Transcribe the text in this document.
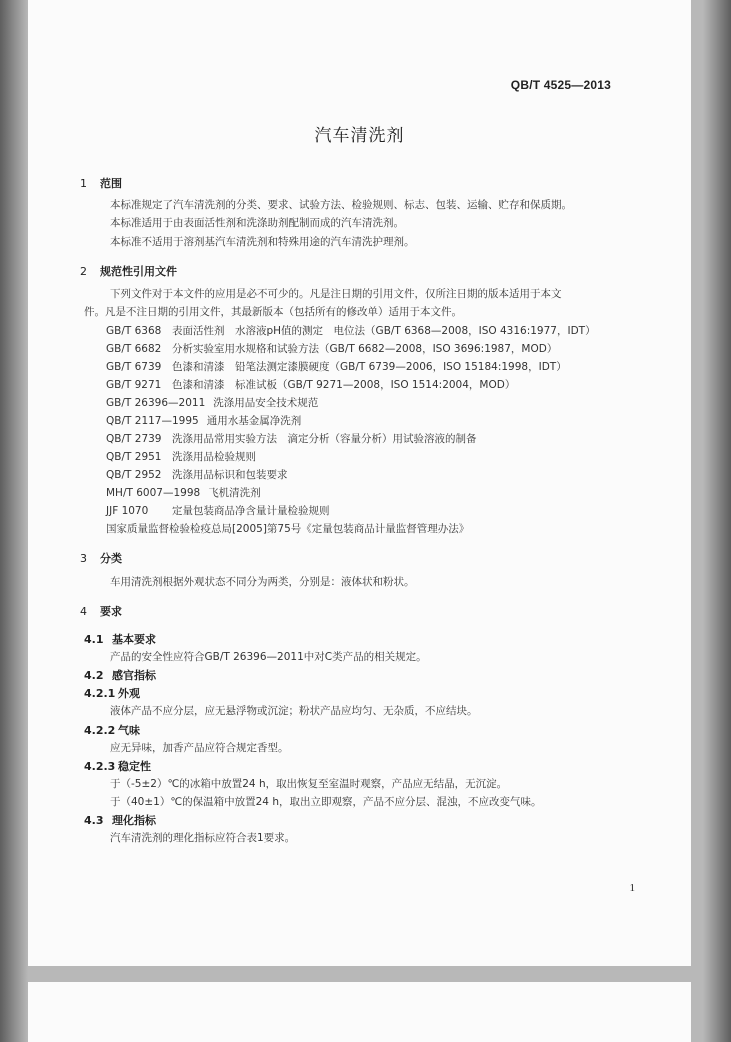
QB/T 4525—2013
汽车清洗剂
1 范围
本标准规定了汽车清洗剂的分类、要求、试验方法、检验规则、标志、包装、运输、贮存和保质期。
本标准适用于由表面活性剂和洗涤助剂配制而成的汽车清洗剂。
本标准不适用于溶剂基汽车清洗剂和特殊用途的汽车清洗护理剂。
2 规范性引用文件
下列文件对于本文件的应用是必不可少的。凡是注日期的引用文件，仅所注日期的版本适用于本文
件。凡是不注日期的引用文件，其最新版本（包括所有的修改单）适用于本文件。
GB/T 6368 表面活性剂　水溶液pH值的测定　电位法（GB/T 6368—2008，ISO 4316:1977，IDT）
GB/T 6682 分析实验室用水规格和试验方法（GB/T 6682—2008，ISO 3696:1987，MOD）
GB/T 6739 色漆和清漆　铅笔法测定漆膜硬度（GB/T 6739—2006，ISO 15184:1998，IDT）
GB/T 9271 色漆和清漆　标准试板（GB/T 9271—2008，ISO 1514:2004，MOD）
GB/T 26396—2011 洗涤用品安全技术规范
QB/T 2117—1995 通用水基金属净洗剂
QB/T 2739 洗涤用品常用实验方法　滴定分析（容量分析）用试验溶液的制备
QB/T 2951 洗涤用品检验规则
QB/T 2952 洗涤用品标识和包装要求
MH/T 6007—1998 飞机清洗剂
JJF 1070 定量包装商品净含量计量检验规则
国家质量监督检验检疫总局[2005]第75号《定量包装商品计量监督管理办法》
3 分类
车用清洗剂根据外观状态不同分为两类，分别是：液体状和粉状。
4 要求
4.1 基本要求
产品的安全性应符合GB/T 26396—2011中对C类产品的相关规定。
4.2 感官指标
4.2.1 外观
液体产品不应分层，应无悬浮物或沉淀；粉状产品应均匀、无杂质，不应结块。
4.2.2 气味
应无异味，加香产品应符合规定香型。
4.2.3 稳定性
于（-5±2）℃的冰箱中放置24 h，取出恢复至室温时观察，产品应无结晶，无沉淀。
于（40±1）℃的保温箱中放置24 h，取出立即观察，产品不应分层、混浊，不应改变气味。
4.3 理化指标
汽车清洗剂的理化指标应符合表1要求。
1
